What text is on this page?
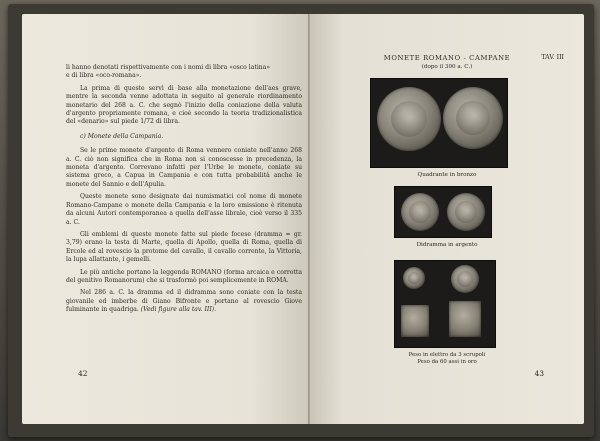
li hanno denotati rispettivamente con i nomi di libra «osco latina»

e di libra «oco-romana».

La prima di queste servì di base alla monetazione dell'aes grave, mentre la seconda venne adottata in seguito al generale riordinamento monetario del 268 a. C. che segnò l'inizio della coniazione della valuta d'argento propriamente romana, e cioè secondo la teoria tradizionalistica del «denario» sul piede 1/72 di libra.

c) Monete della Campania.

Se le prime monete d'argento di Roma vennero coniate nell'anno 268 a. C. ciò non significa che in Roma non si conoscesse in precedenza, la moneta d'argento. Correvano infatti per l'Urbe le monete, coniate su sistema greco, a Capua in Campania e con tutta probabilità anche le monete del Sannio e dell'Apulia.

Queste monete sono designate dai numismatici col nome di monete Romano-Campane o monete della Campania e la loro emissione è ritenuta da alcuni Autori contemporanea a quella dell'asse librale, cioè verso il 335 a. C.

Gli emblemi di queste monete fatte sul piede focese (dramma = gr. 3,79) erano la testa di Marte, quella di Apollo, quella di Roma, quella di Ercole ed al rovescio la protome del cavallo, il cavallo corrente, la Vittoria, la lupa allattante, i gemelli.

Le più antiche portano la leggenda ROMANO (forma arcaica e corrotta del genitivo Romanorum) che si trasformò poi semplicemente in ROMA.

Nel 286 a. C. la dramma ed il didramma sono coniate con la testa giovanile ed imberbe di Giano Bifronte e portano al rovescio Giove fulminante in quadriga. (Vedi figure alla tav. III).

42
MONETE ROMANO - CAMPANE
(dopo il 300 a. C.)
TAV. III
Quadrante in bronzo
Didramma in argento
Peso in elettro da 3 scrupoli
Peso da 60 assi in oro
43
